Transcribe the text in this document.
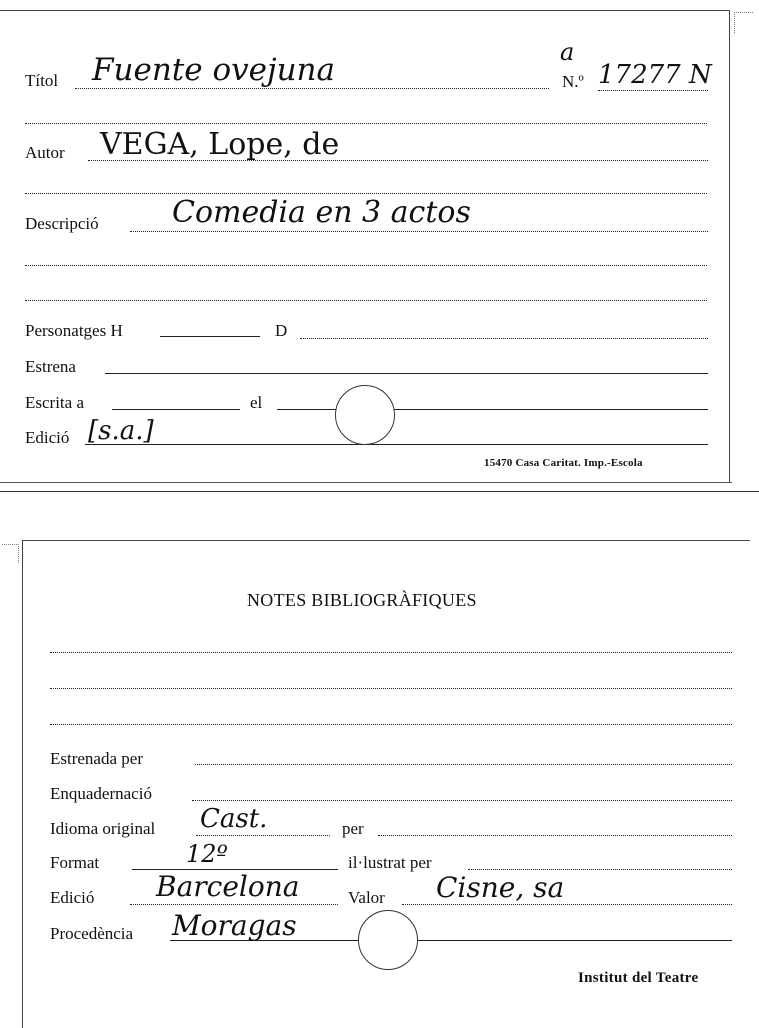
Títol Fuente ovejuna	a
N.º 17277 N
Autor VEGA, Lope, de
Descripció Comedia en 3 actos
Personatges H	D
Estrena
Escrita a	el
Edició [s.a.]
15470 Casa Caritat. Imp.-Escola
NOTES BIBLIOGRÀFIQUES
Estrenada per
Enquadernació
Idioma original Cast.	per
Format	12º	il·lustrat per
Edició Barcelona	Valor Cisne, sa
Procedència Moragas
Institut del Teatre
